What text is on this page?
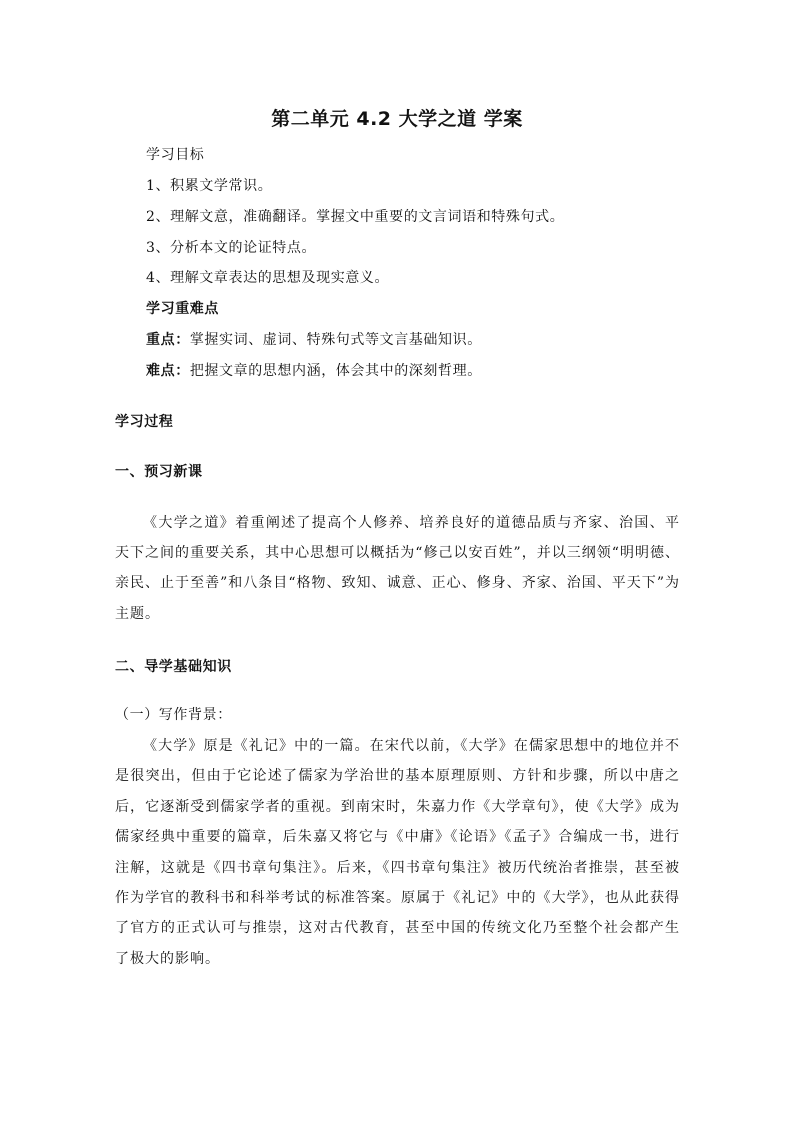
第二单元 4.2 大学之道 学案
学习目标
1、积累文学常识。
2、理解文意，准确翻译。掌握文中重要的文言词语和特殊句式。
3、分析本文的论证特点。
4、理解文章表达的思想及现实意义。
学习重难点
重点：掌握实词、虚词、特殊句式等文言基础知识。
难点：把握文章的思想内涵，体会其中的深刻哲理。
学习过程
一、预习新课
《大学之道》着重阐述了提高个人修养、培养良好的道德品质与齐家、治国、平天下之间的重要关系，其中心思想可以概括为“修己以安百姓”，并以三纲领“明明德、亲民、止于至善”和八条目“格物、致知、诚意、正心、修身、齐家、治国、平天下”为主题。
二、导学基础知识
（一）写作背景：
《大学》原是《礼记》中的一篇。在宋代以前，《大学》在儒家思想中的地位并不是很突出，但由于它论述了儒家为学治世的基本原理原则、方针和步骤，所以中唐之后，它逐渐受到儒家学者的重视。到南宋时，朱嘉力作《大学章句》，使《大学》成为儒家经典中重要的篇章，后朱嘉又将它与《中庸》《论语》《孟子》合编成一书，进行注解，这就是《四书章句集注》。后来，《四书章句集注》被历代统治者推崇，甚至被作为学官的教科书和科举考试的标准答案。原属于《礼记》中的《大学》，也从此获得了官方的正式认可与推崇，这对古代教育，甚至中国的传统文化乃至整个社会都产生了极大的影响。
